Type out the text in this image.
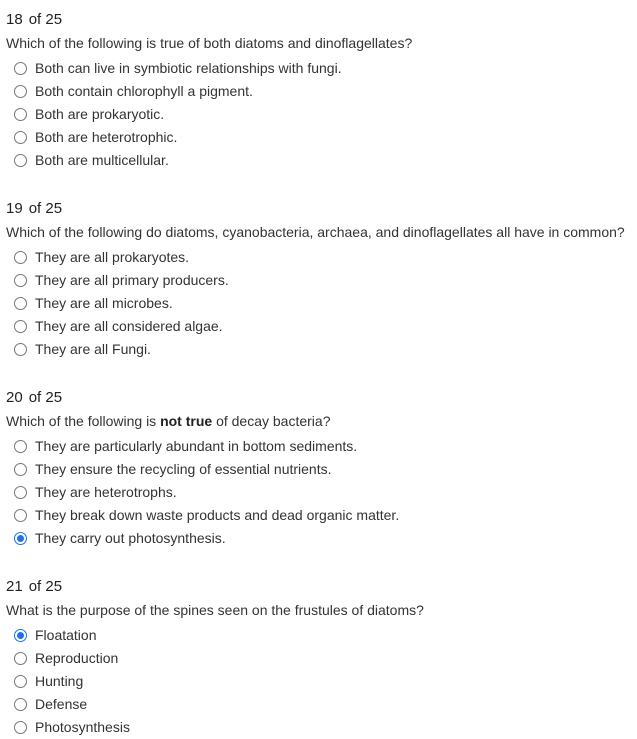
18 of 25
Which of the following is true of both diatoms and dinoflagellates?
Both can live in symbiotic relationships with fungi.
Both contain chlorophyll a pigment.
Both are prokaryotic.
Both are heterotrophic.
Both are multicellular.
19 of 25
Which of the following do diatoms, cyanobacteria, archaea, and dinoflagellates all have in common?
They are all prokaryotes.
They are all primary producers.
They are all microbes.
They are all considered algae.
They are all Fungi.
20 of 25
Which of the following is not true of decay bacteria?
They are particularly abundant in bottom sediments.
They ensure the recycling of essential nutrients.
They are heterotrophs.
They break down waste products and dead organic matter.
They carry out photosynthesis.
21 of 25
What is the purpose of the spines seen on the frustules of diatoms?
Floatation
Reproduction
Hunting
Defense
Photosynthesis
